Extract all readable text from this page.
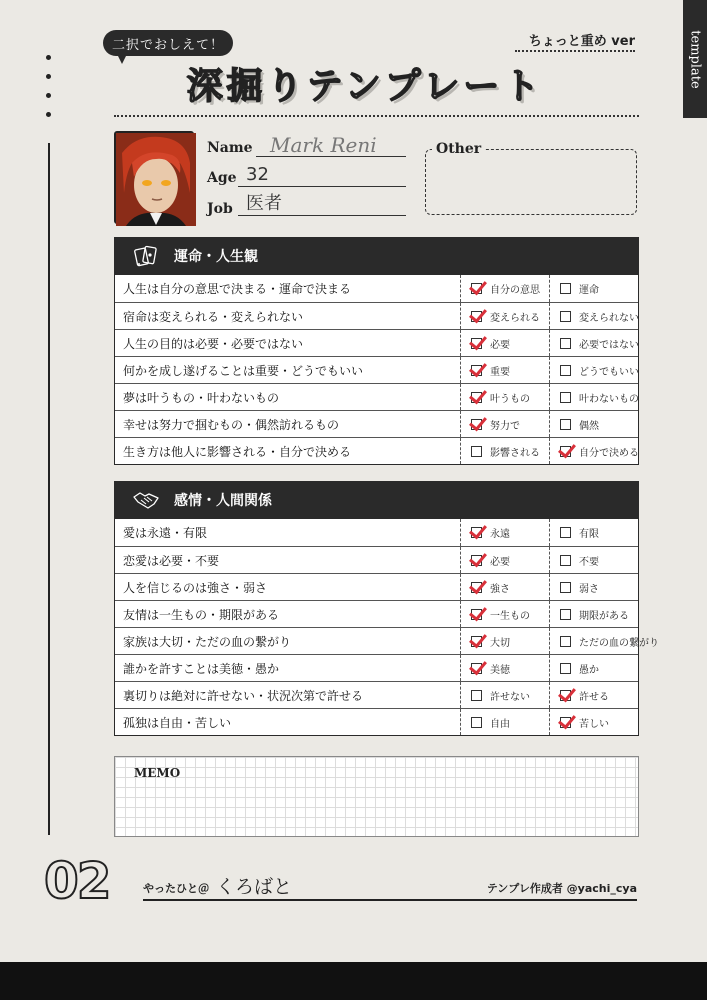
二択でおしえて！	ちょっと重め ver
深掘りテンプレート	template
Name Mark Reni
Age 32
Job 医者
Other
運命・人生観
人生は自分の意思で決まる・運命で決まる	自分の意思	運命
宿命は変えられる・変えられない	変えられる	変えられない
人生の目的は必要・必要ではない	必要	必要ではない
何かを成し遂げることは重要・どうでもいい	重要	どうでもいい
夢は叶うもの・叶わないもの	叶うもの	叶わないもの
幸せは努力で掴むもの・偶然訪れるもの	努力で	偶然
生き方は他人に影響される・自分で決める	影響される	自分で決める
感情・人間関係
愛は永遠・有限	永遠	有限
恋愛は必要・不要	必要	不要
人を信じるのは強さ・弱さ	強さ	弱さ
友情は一生もの・期限がある	一生もの	期限がある
家族は大切・ただの血の繋がり	大切	ただの血の繋がり
誰かを許すことは美徳・愚か	美徳	愚か
裏切りは絶対に許せない・状況次第で許せる	許せない	許せる
孤独は自由・苦しい	自由	苦しい
MEMO
02	やったひと＠ くろばと	テンプレ作成者 @yachi_cya
